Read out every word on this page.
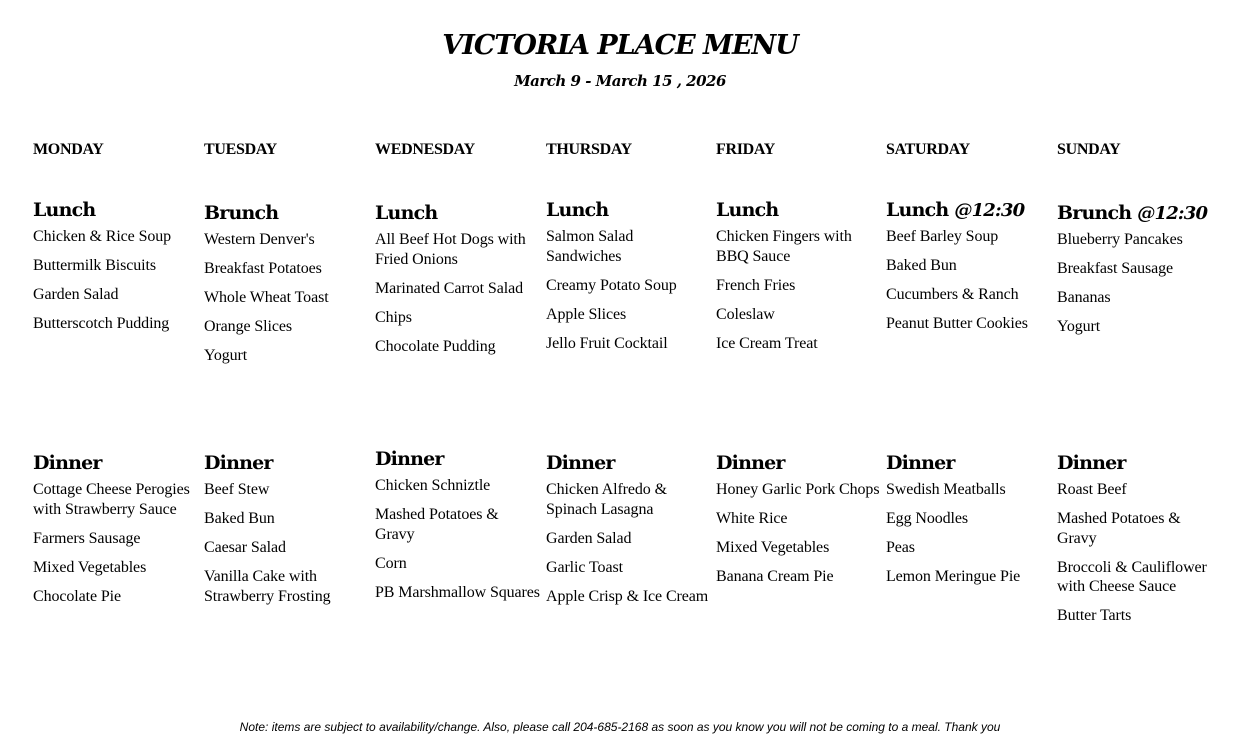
VICTORIA PLACE MENU
March 9 - March 15 , 2026
MONDAY
Lunch
Chicken & Rice Soup
Buttermilk Biscuits
Garden Salad
Butterscotch Pudding
Dinner
Cottage Cheese Perogies with Strawberry Sauce
Farmers Sausage
Mixed Vegetables
Chocolate Pie
TUESDAY
Brunch
Western Denver's
Breakfast Potatoes
Whole Wheat Toast
Orange Slices
Yogurt
Dinner
Beef Stew
Baked Bun
Caesar Salad
Vanilla Cake with Strawberry Frosting
WEDNESDAY
Lunch
All Beef Hot Dogs with Fried Onions
Marinated Carrot Salad
Chips
Chocolate Pudding
Dinner
Chicken Schniztle
Mashed Potatoes & Gravy
Corn
PB Marshmallow Squares
THURSDAY
Lunch
Salmon Salad Sandwiches
Creamy Potato Soup
Apple Slices
Jello Fruit Cocktail
Dinner
Chicken Alfredo & Spinach Lasagna
Garden Salad
Garlic Toast
Apple Crisp & Ice Cream
FRIDAY
Lunch
Chicken Fingers with BBQ Sauce
French Fries
Coleslaw
Ice Cream Treat
Dinner
Honey Garlic Pork Chops
White Rice
Mixed Vegetables
Banana Cream Pie
SATURDAY
Lunch @12:30
Beef Barley Soup
Baked Bun
Cucumbers & Ranch
Peanut Butter Cookies
Dinner
Swedish Meatballs
Egg Noodles
Peas
Lemon Meringue Pie
SUNDAY
Brunch @12:30
Blueberry Pancakes
Breakfast Sausage
Bananas
Yogurt
Dinner
Roast Beef
Mashed Potatoes & Gravy
Broccoli & Cauliflower with Cheese Sauce
Butter Tarts
Note: items are subject to availability/change. Also, please call 204-685-2168 as soon as you know you will not be coming to a meal. Thank you
